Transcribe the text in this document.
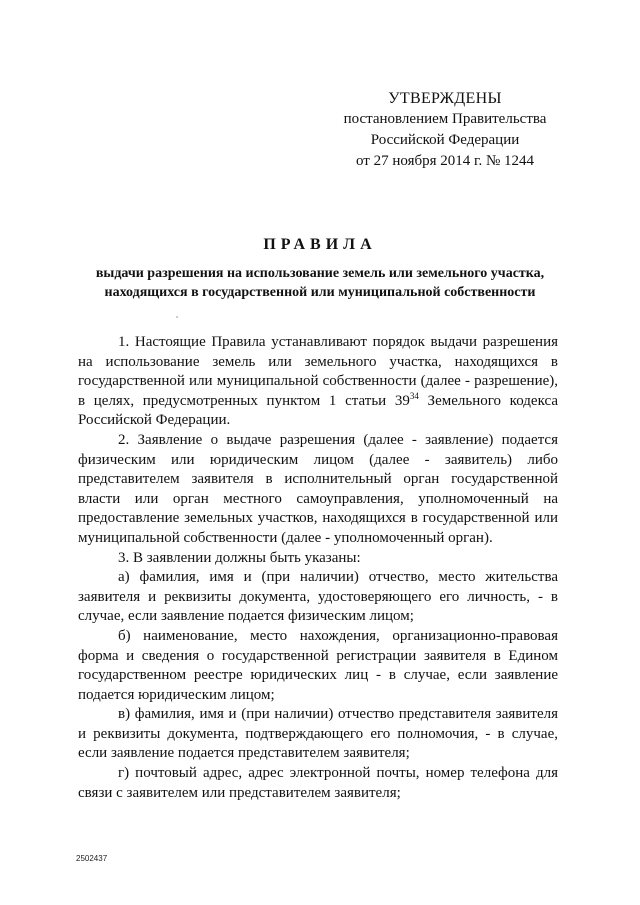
УТВЕРЖДЕНЫ
постановлением Правительства
Российской Федерации
от 27 ноября 2014 г. № 1244
ПРАВИЛА
выдачи разрешения на использование земель или земельного участка,
находящихся в государственной или муниципальной собственности

1. Настоящие Правила устанавливают порядок выдачи разрешения на использование земель или земельного участка, находящихся в государственной или муниципальной собственности (далее - разрешение), в целях, предусмотренных пунктом 1 статьи $39^{34}$ Земельного кодекса Российской Федерации.

2. Заявление о выдаче разрешения (далее - заявление) подается физическим или юридическим лицом (далее - заявитель) либо представителем заявителя в исполнительный орган государственной власти или орган местного самоуправления, уполномоченный на предоставление земельных участков, находящихся в государственной или муниципальной собственности (далее - уполномоченный орган).

3. В заявлении должны быть указаны:

а) фамилия, имя и (при наличии) отчество, место жительства заявителя и реквизиты документа, удостоверяющего его личность, - в случае, если заявление подается физическим лицом;

б) наименование, место нахождения, организационно-правовая форма и сведения о государственной регистрации заявителя в Едином государственном реестре юридических лиц - в случае, если заявление подается юридическим лицом;

в) фамилия, имя и (при наличии) отчество представителя заявителя и реквизиты документа, подтверждающего его полномочия, - в случае, если заявление подается представителем заявителя;

г) почтовый адрес, адрес электронной почты, номер телефона для связи с заявителем или представителем заявителя;

2502437
